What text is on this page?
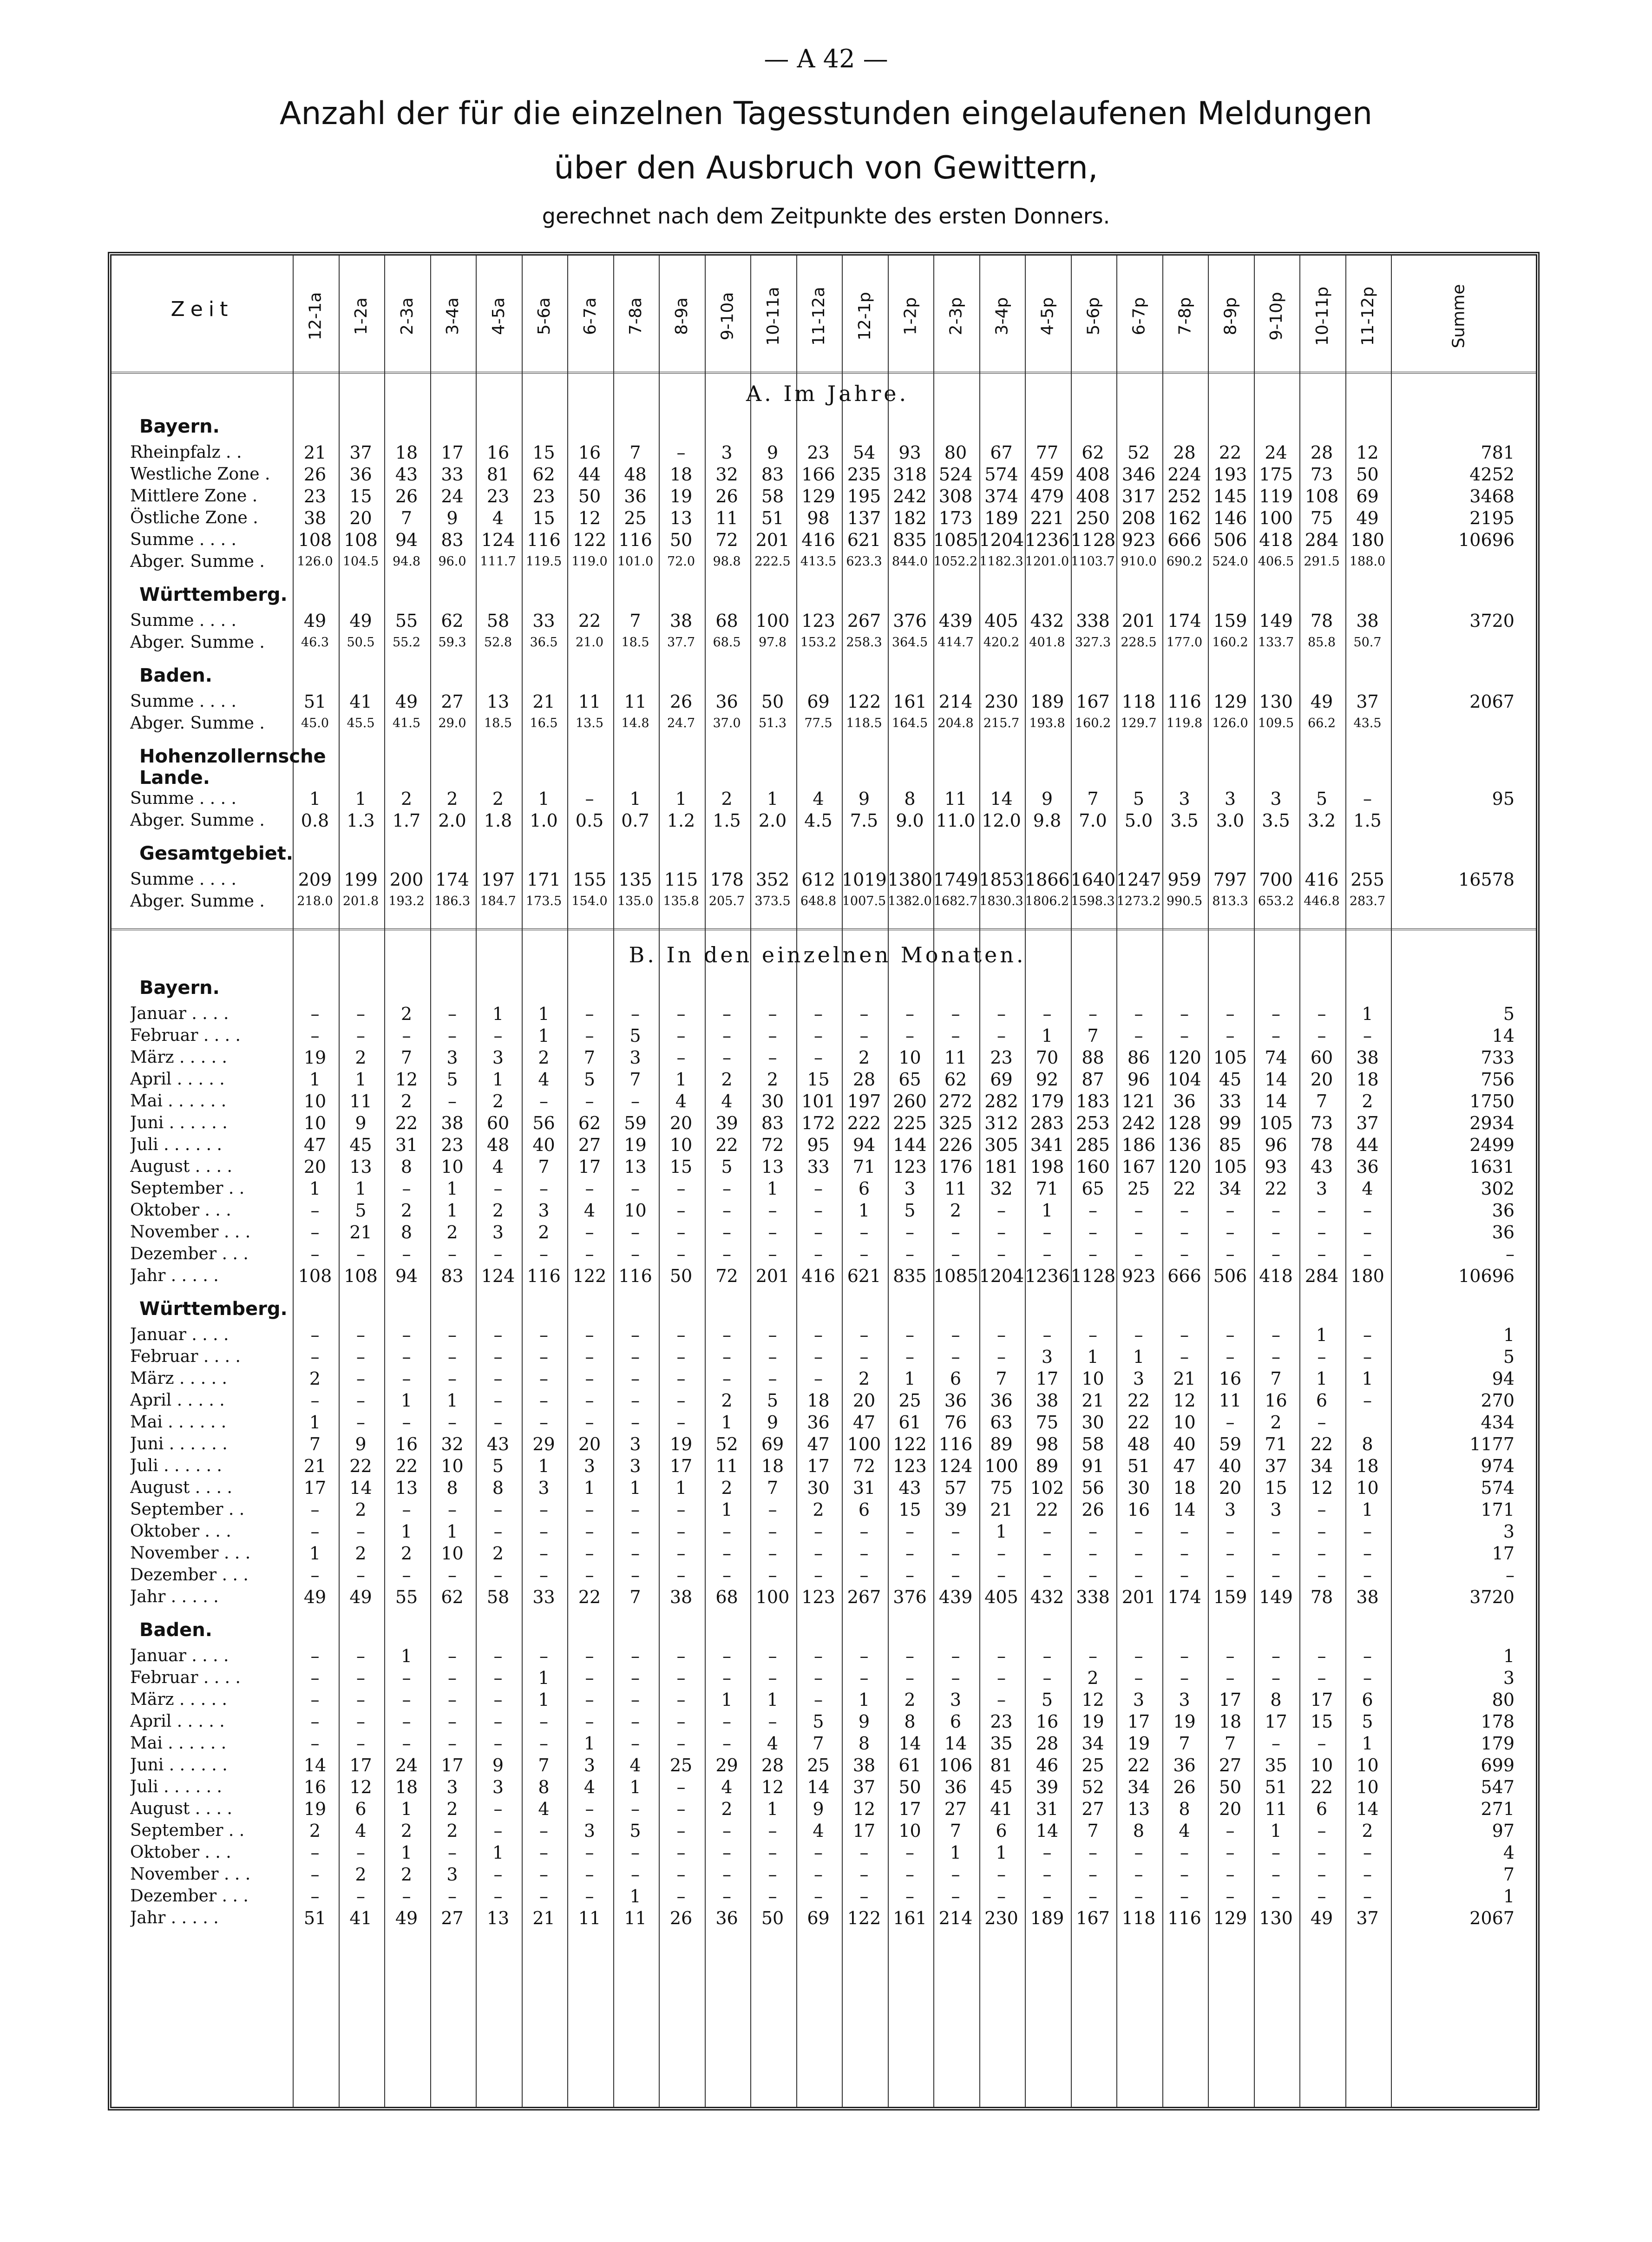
— A 42 —
Anzahl der für die einzelnen Tagesstunden eingelaufenen Meldungen
über den Ausbruch von Gewittern,
gerechnet nach dem Zeitpunkte des ersten Donners.
Zeit	12-1a 1-2a 2-3a 3-4a 4-5a 5-6a 6-7a 7-8a 8-9a 9-10a 10-11a 11-12a 12-1p 1-2p 2-3p 3-4p 4-5p 5-6p 6-7p 7-8p 8-9p 9-10p 10-11p 11-12p	Summe
A. Im Jahre.
Bayern.
Rheinpfalz . .	21	37	18	17	16	15	16	7	–	3	9	23	54	93	80	67	77	62	52	28	22	24	28	12	781
Westliche Zone .	26	36	43	33	81	62	44	48	18	32	83	166 235 318 524 574 459 408 346 224 193 175	73	50	4252
Mittlere Zone .	23	15	26	24	23	23	50	36	19	26	58	129 195 242 308 374 479 408 317 252 145 119 108	69	3468
Östliche Zone .	38	20	7	9	4	15	12	25	13	11	51	98	137 182 173 189 221 250 208 162 146 100	75	49	2195
Summe . . . .	108 108	94	83	124 116 122 116	50	72	201 416 621 835 1085 1204 1236 1128 923 666 506 418 284 180	10696
Abger. Summe .	126.0 104.5	94.8	96.0	111.7 119.5 119.0 101.0	72.0	98.8	222.5 413.5 623.3 844.0 1052.2 1182.3 1201.0 1103.7 910.0 690.2 524.0 406.5 291.5 188.0
Württemberg.
Summe . . . .	49	49	55	62	58	33	22	7	38	68	100 123 267 376 439 405 432 338 201 174 159 149	78	38	3720
Abger. Summe .	46.3	50.5	55.2	59.3	52.8	36.5	21.0	18.5	37.7	68.5	97.8	153.2 258.3 364.5 414.7 420.2 401.8 327.3 228.5 177.0 160.2 133.7	85.8	50.7
Baden.
Summe . . . .	51	41	49	27	13	21	11	11	26	36	50	69	122 161 214 230 189 167 118 116 129 130	49	37	2067
Abger. Summe .	45.0	45.5	41.5	29.0	18.5	16.5	13.5	14.8	24.7	37.0	51.3	77.5	118.5 164.5 204.8 215.7 193.8 160.2 129.7 119.8 126.0 109.5	66.2	43.5
Hohenzollernsche Lande.
Summe . . . .	1	1	2	2	2	1	–	1	1	2	1	4	9	8	11	14	9	7	5	3	3	3	5	–	95
Abger. Summe .	0.8	1.3	1.7	2.0	1.8	1.0	0.5	0.7	1.2	1.5	2.0	4.5	7.5	9.0 11.0 12.0 9.8	7.0	5.0	3.5	3.0	3.5	3.2	1.5
Gesamtgebiet.
Summe . . . .	209 199 200 174 197 171 155 135 115 178 352 612 1019 1380 1749 1853 1866 1640 1247 959 797 700 416 255	16578
Abger. Summe .	218.0 201.8 193.2 186.3 184.7 173.5 154.0 135.0 135.8 205.7 373.5 648.8 1007.5 1382.0 1682.7 1830.3 1806.2 1598.3 1273.2 990.5 813.3 653.2 446.8 283.7
B. In den einzelnen Monaten.
Bayern.
Januar . . . .	–	–	2	–	1	1	–	–	–	–	–	–	–	–	–	–	–	–	–	–	–	–	–	1	5
Februar . . . .	–	–	–	–	–	1	–	5	–	–	–	–	–	–	–	–	1	7	–	–	–	–	–	–	14
März . . . . .	19	2	7	3	3	2	7	3	–	–	–	–	2	10	11	23	70	88	86	120 105	74	60	38	733
April . . . . .	1	1	12	5	1	4	5	7	1	2	2	15	28	65	62	69	92	87	96	104	45	14	20	18	756
Mai . . . . . .	10	11	2	–	2	–	–	–	4	4	30	101 197 260 272 282 179 183 121	36	33	14	7	2	1750
Juni . . . . . .	10	9	22	38	60	56	62	59	20	39	83	172 222 225 325 312 283 253 242 128	99	105	73	37	2934
Juli . . . . . .	47	45	31	23	48	40	27	19	10	22	72	95	94	144 226 305 341 285 186 136	85	96	78	44	2499
August . . . .	20	13	8	10	4	7	17	13	15	5	13	33	71	123 176 181 198 160 167 120 105	93	43	36	1631
September . .	1	1	–	1	–	–	–	–	–	–	1	–	6	3	11	32	71	65	25	22	34	22	3	4	302
Oktober . . .	–	5	2	1	2	3	4	10	–	–	–	–	1	5	2	–	1	–	–	–	–	–	–	–	36
November . . .	–	21	8	2	3	2	–	–	–	–	–	–	–	–	–	–	–	–	–	–	–	–	–	–	36
Dezember . . .	–	–	–	–	–	–	–	–	–	–	–	–	–	–	–	–	–	–	–	–	–	–	–	–	–
Jahr . . . . .	108 108	94	83	124 116 122 116	50	72	201 416 621 835 1085 1204 1236 1128 923 666 506 418 284 180	10696
Württemberg.
Januar . . . .	–	–	–	–	–	–	–	–	–	–	–	–	–	–	–	–	–	–	–	–	–	–	1	–	1
Februar . . . .	–	–	–	–	–	–	–	–	–	–	–	–	–	–	–	–	3	1	1	–	–	–	–	–	5
März . . . . .	2	–	–	–	–	–	–	–	–	–	–	–	2	1	6	7	17	10	3	21	16	7	1	1	94
April . . . . .	–	–	1	1	–	–	–	–	–	2	5	18	20	25	36	36	38	21	22	12	11	16	6	–	270
Mai . . . . . .	1	–	–	–	–	–	–	–	–	1	9	36	47	61	76	63	75	30	22	10	–	2	–	434
Juni . . . . . .	7	9	16	32	43	29	20	3	19	52	69	47	100 122 116	89	98	58	48	40	59	71	22	8	1177
Juli . . . . . .	21	22	22	10	5	1	3	3	17	11	18	17	72	123 124 100	89	91	51	47	40	37	34	18	974
August . . . .	17	14	13	8	8	3	1	1	1	2	7	30	31	43	57	75	102	56	30	18	20	15	12	10	574
September . .	–	2	–	–	–	–	–	–	–	1	–	2	6	15	39	21	22	26	16	14	3	3	–	1	171
Oktober . . .	–	–	1	1	–	–	–	–	–	–	–	–	–	–	–	1	–	–	–	–	–	–	–	–	3
November . . .	1	2	2	10	2	–	–	–	–	–	–	–	–	–	–	–	–	–	–	–	–	–	–	–	17
Dezember . . .	–	–	–	–	–	–	–	–	–	–	–	–	–	–	–	–	–	–	–	–	–	–	–	–	–
Jahr . . . . .	49	49	55	62	58	33	22	7	38	68	100 123 267 376 439 405 432 338 201 174 159 149	78	38	3720
Baden.
Januar . . . .	–	–	1	–	–	–	–	–	–	–	–	–	–	–	–	–	–	–	–	–	–	–	–	–	1
Februar . . . .	–	–	–	–	–	1	–	–	–	–	–	–	–	–	–	–	–	2	–	–	–	–	–	–	3
März . . . . .	–	–	–	–	–	1	–	–	–	1	1	–	1	2	3	–	5	12	3	3	17	8	17	6	80
April . . . . .	–	–	–	–	–	–	–	–	–	–	–	5	9	8	6	23	16	19	17	19	18	17	15	5	178
Mai . . . . . .	–	–	–	–	–	–	1	–	–	–	4	7	8	14	14	35	28	34	19	7	7	–	–	1	179
Juni . . . . . .	14	17	24	17	9	7	3	4	25	29	28	25	38	61	106	81	46	25	22	36	27	35	10	10	699
Juli . . . . . .	16	12	18	3	3	8	4	1	–	4	12	14	37	50	36	45	39	52	34	26	50	51	22	10	547
August . . . .	19	6	1	2	–	4	–	–	–	2	1	9	12	17	27	41	31	27	13	8	20	11	6	14	271
September . .	2	4	2	2	–	–	3	5	–	–	–	4	17	10	7	6	14	7	8	4	–	1	–	2	97
Oktober . . .	–	–	1	–	1	–	–	–	–	–	–	–	–	–	1	1	–	–	–	–	–	–	–	–	4
November . . .	–	2	2	3	–	–	–	–	–	–	–	–	–	–	–	–	–	–	–	–	–	–	–	–	7
Dezember . . .	–	–	–	–	–	–	–	1	–	–	–	–	–	–	–	–	–	–	–	–	–	–	–	–	1
Jahr . . . . .	51	41	49	27	13	21	11	11	26	36	50	69	122 161 214 230 189 167 118 116 129 130	49	37	2067
